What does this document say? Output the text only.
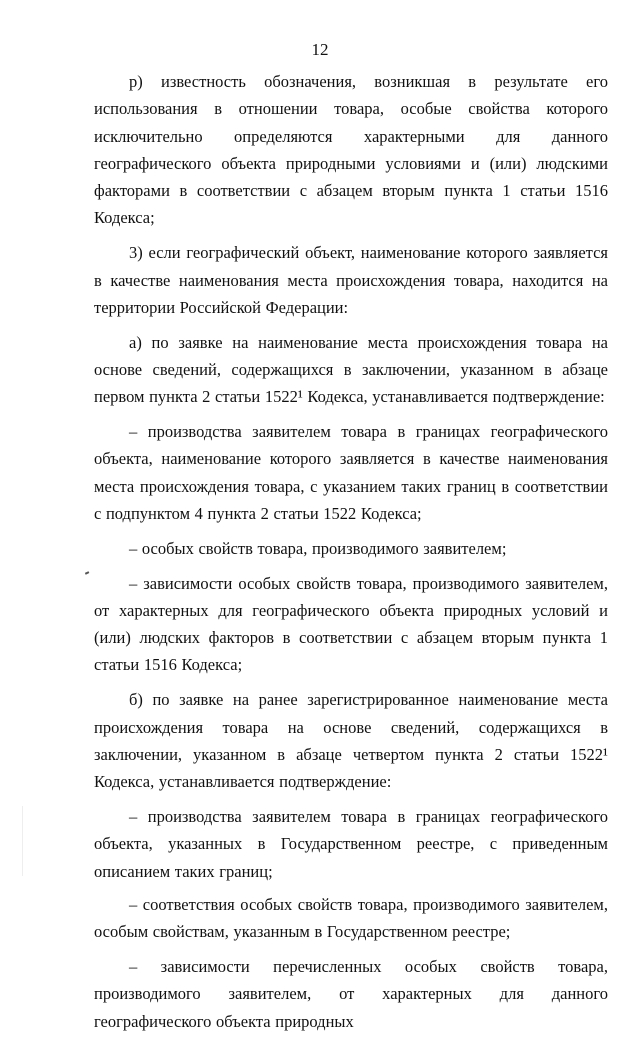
12

р) известность обозначения, возникшая в результате его использования в отношении товара, особые свойства которого исключительно определяются характерными для данного географического объекта природными условиями и (или) людскими факторами в соответствии с абзацем вторым пункта 1 статьи 1516 Кодекса;

3) если географический объект, наименование которого заявляется в качестве наименования места происхождения товара, находится на территории Российской Федерации:

а) по заявке на наименование места происхождения товара на основе сведений, содержащихся в заключении, указанном в абзаце первом пункта 2 статьи 1522¹ Кодекса, устанавливается подтверждение:

– производства заявителем товара в границах географического объекта, наименование которого заявляется в качестве наименования места происхождения товара, с указанием таких границ в соответствии с подпунктом 4 пункта 2 статьи 1522 Кодекса;

– особых свойств товара, производимого заявителем;

– зависимости особых свойств товара, производимого заявителем, от характерных для географического объекта природных условий и (или) людских факторов в соответствии с абзацем вторым пункта 1 статьи 1516 Кодекса;

б) по заявке на ранее зарегистрированное наименование места происхождения товара на основе сведений, содержащихся в заключении, указанном в абзаце четвертом пункта 2 статьи 1522¹ Кодекса, устанавливается подтверждение:

– производства заявителем товара в границах географического объекта, указанных в Государственном реестре, с приведенным описанием таких границ;

– соответствия особых свойств товара, производимого заявителем, особым свойствам, указанным в Государственном реестре;

– зависимости перечисленных особых свойств товара, производимого заявителем, от характерных для данного географического объекта природных
